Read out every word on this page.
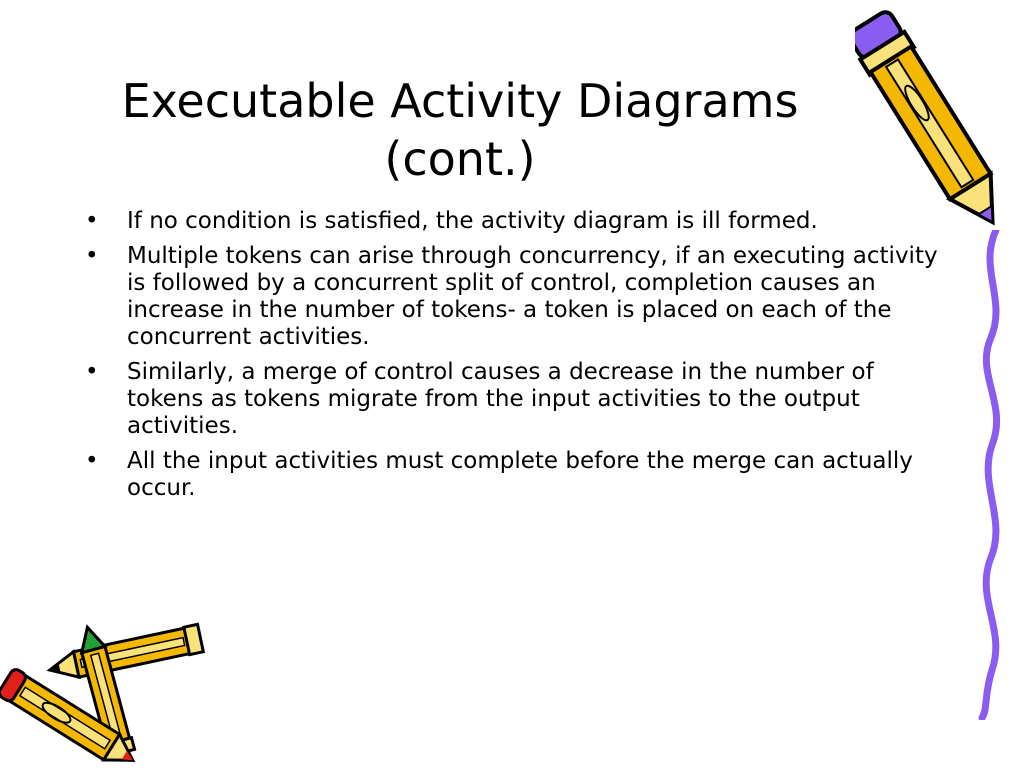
Executable Activity Diagrams
(cont.)
• If no condition is satisfied, the activity diagram is ill formed.
• Multiple tokens can arise through concurrency, if an executing activity is followed by a concurrent split of control, completion causes an increase in the number of tokens- a token is placed on each of the concurrent activities.
• Similarly, a merge of control causes a decrease in the number of tokens as tokens migrate from the input activities to the output activities.
• All the input activities must complete before the merge can actually occur.
